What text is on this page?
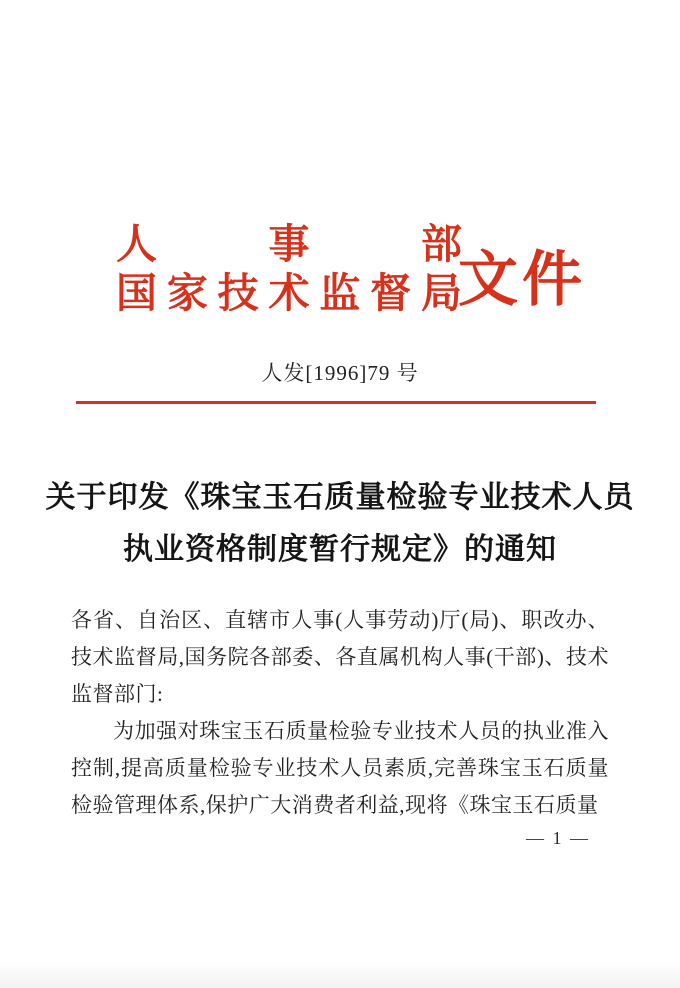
人	事	部
国 家 技 术 监 督 局
文件
人发[1996]79 号
关于印发《珠宝玉石质量检验专业技术人员
执业资格制度暂行规定》的通知

各省、自治区、直辖市人事(人事劳动)厅(局)、职改办、技术监督局,国务院各部委、各直属机构人事(干部)、技术监督部门:

为加强对珠宝玉石质量检验专业技术人员的执业准入控制,提高质量检验专业技术人员素质,完善珠宝玉石质量检验管理体系,保护广大消费者利益,现将《珠宝玉石质量

— 1 —
